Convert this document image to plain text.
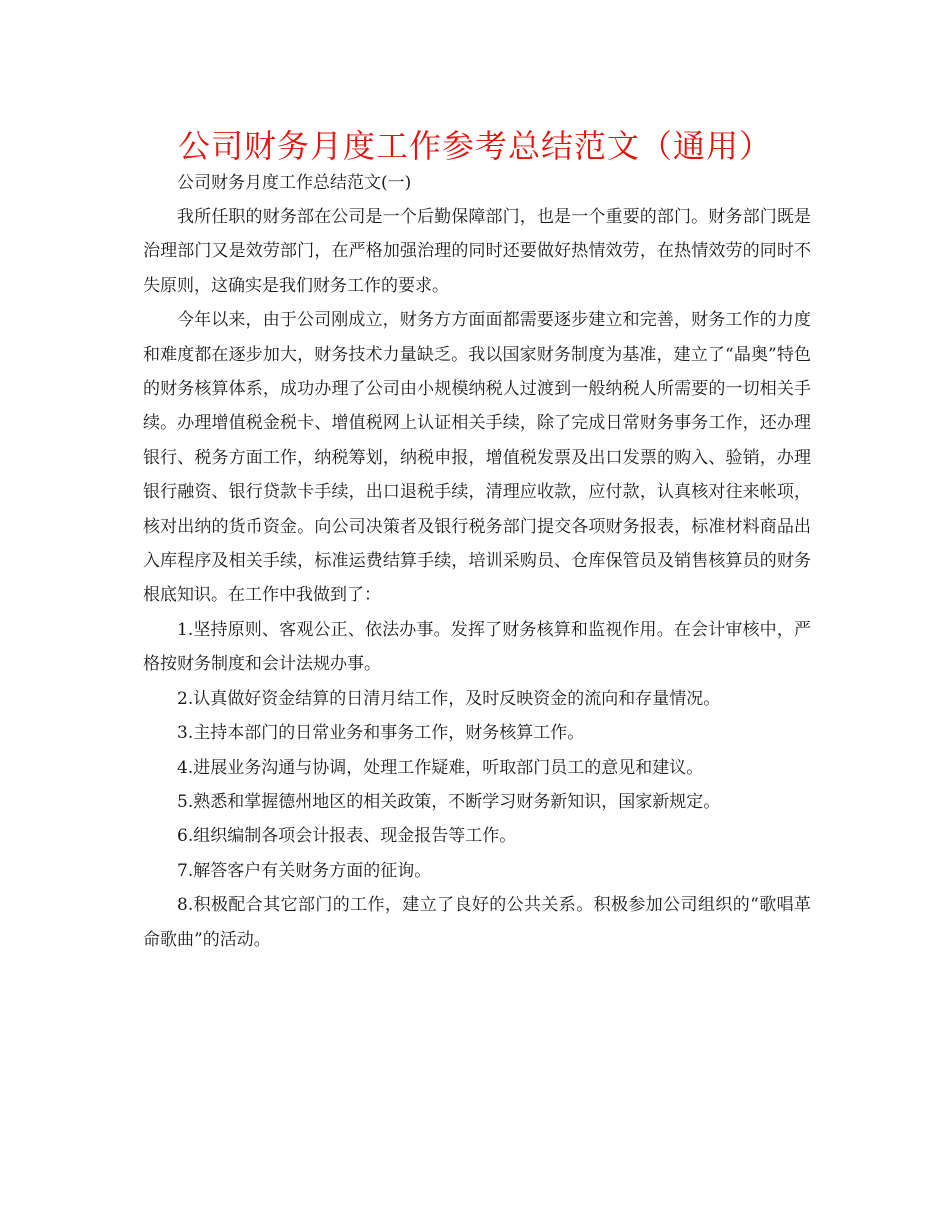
公司财务月度工作参考总结范文（通用）

公司财务月度工作总结范文(一)

我所任职的财务部在公司是一个后勤保障部门，也是一个重要的部门。财务部门既是治理部门又是效劳部门，在严格加强治理的同时还要做好热情效劳，在热情效劳的同时不失原则，这确实是我们财务工作的要求。

今年以来，由于公司刚成立，财务方方面面都需要逐步建立和完善，财务工作的力度和难度都在逐步加大，财务技术力量缺乏。我以国家财务制度为基准，建立了“晶奥”特色的财务核算体系，成功办理了公司由小规模纳税人过渡到一般纳税人所需要的一切相关手续。办理增值税金税卡、增值税网上认证相关手续，除了完成日常财务事务工作，还办理银行、税务方面工作，纳税筹划，纳税申报，增值税发票及出口发票的购入、验销，办理银行融资、银行贷款卡手续，出口退税手续，清理应收款，应付款，认真核对往来帐项，核对出纳的货币资金。向公司决策者及银行税务部门提交各项财务报表，标准材料商品出入库程序及相关手续，标准运费结算手续，培训采购员、仓库保管员及销售核算员的财务根底知识。在工作中我做到了：

1.坚持原则、客观公正、依法办事。发挥了财务核算和监视作用。在会计审核中，严格按财务制度和会计法规办事。

2.认真做好资金结算的日清月结工作，及时反映资金的流向和存量情况。

3.主持本部门的日常业务和事务工作，财务核算工作。

4.进展业务沟通与协调，处理工作疑难，听取部门员工的意见和建议。

5.熟悉和掌握德州地区的相关政策，不断学习财务新知识，国家新规定。

6.组织编制各项会计报表、现金报告等工作。

7.解答客户有关财务方面的征询。

8.积极配合其它部门的工作，建立了良好的公共关系。积极参加公司组织的“歌唱革命歌曲”的活动。
